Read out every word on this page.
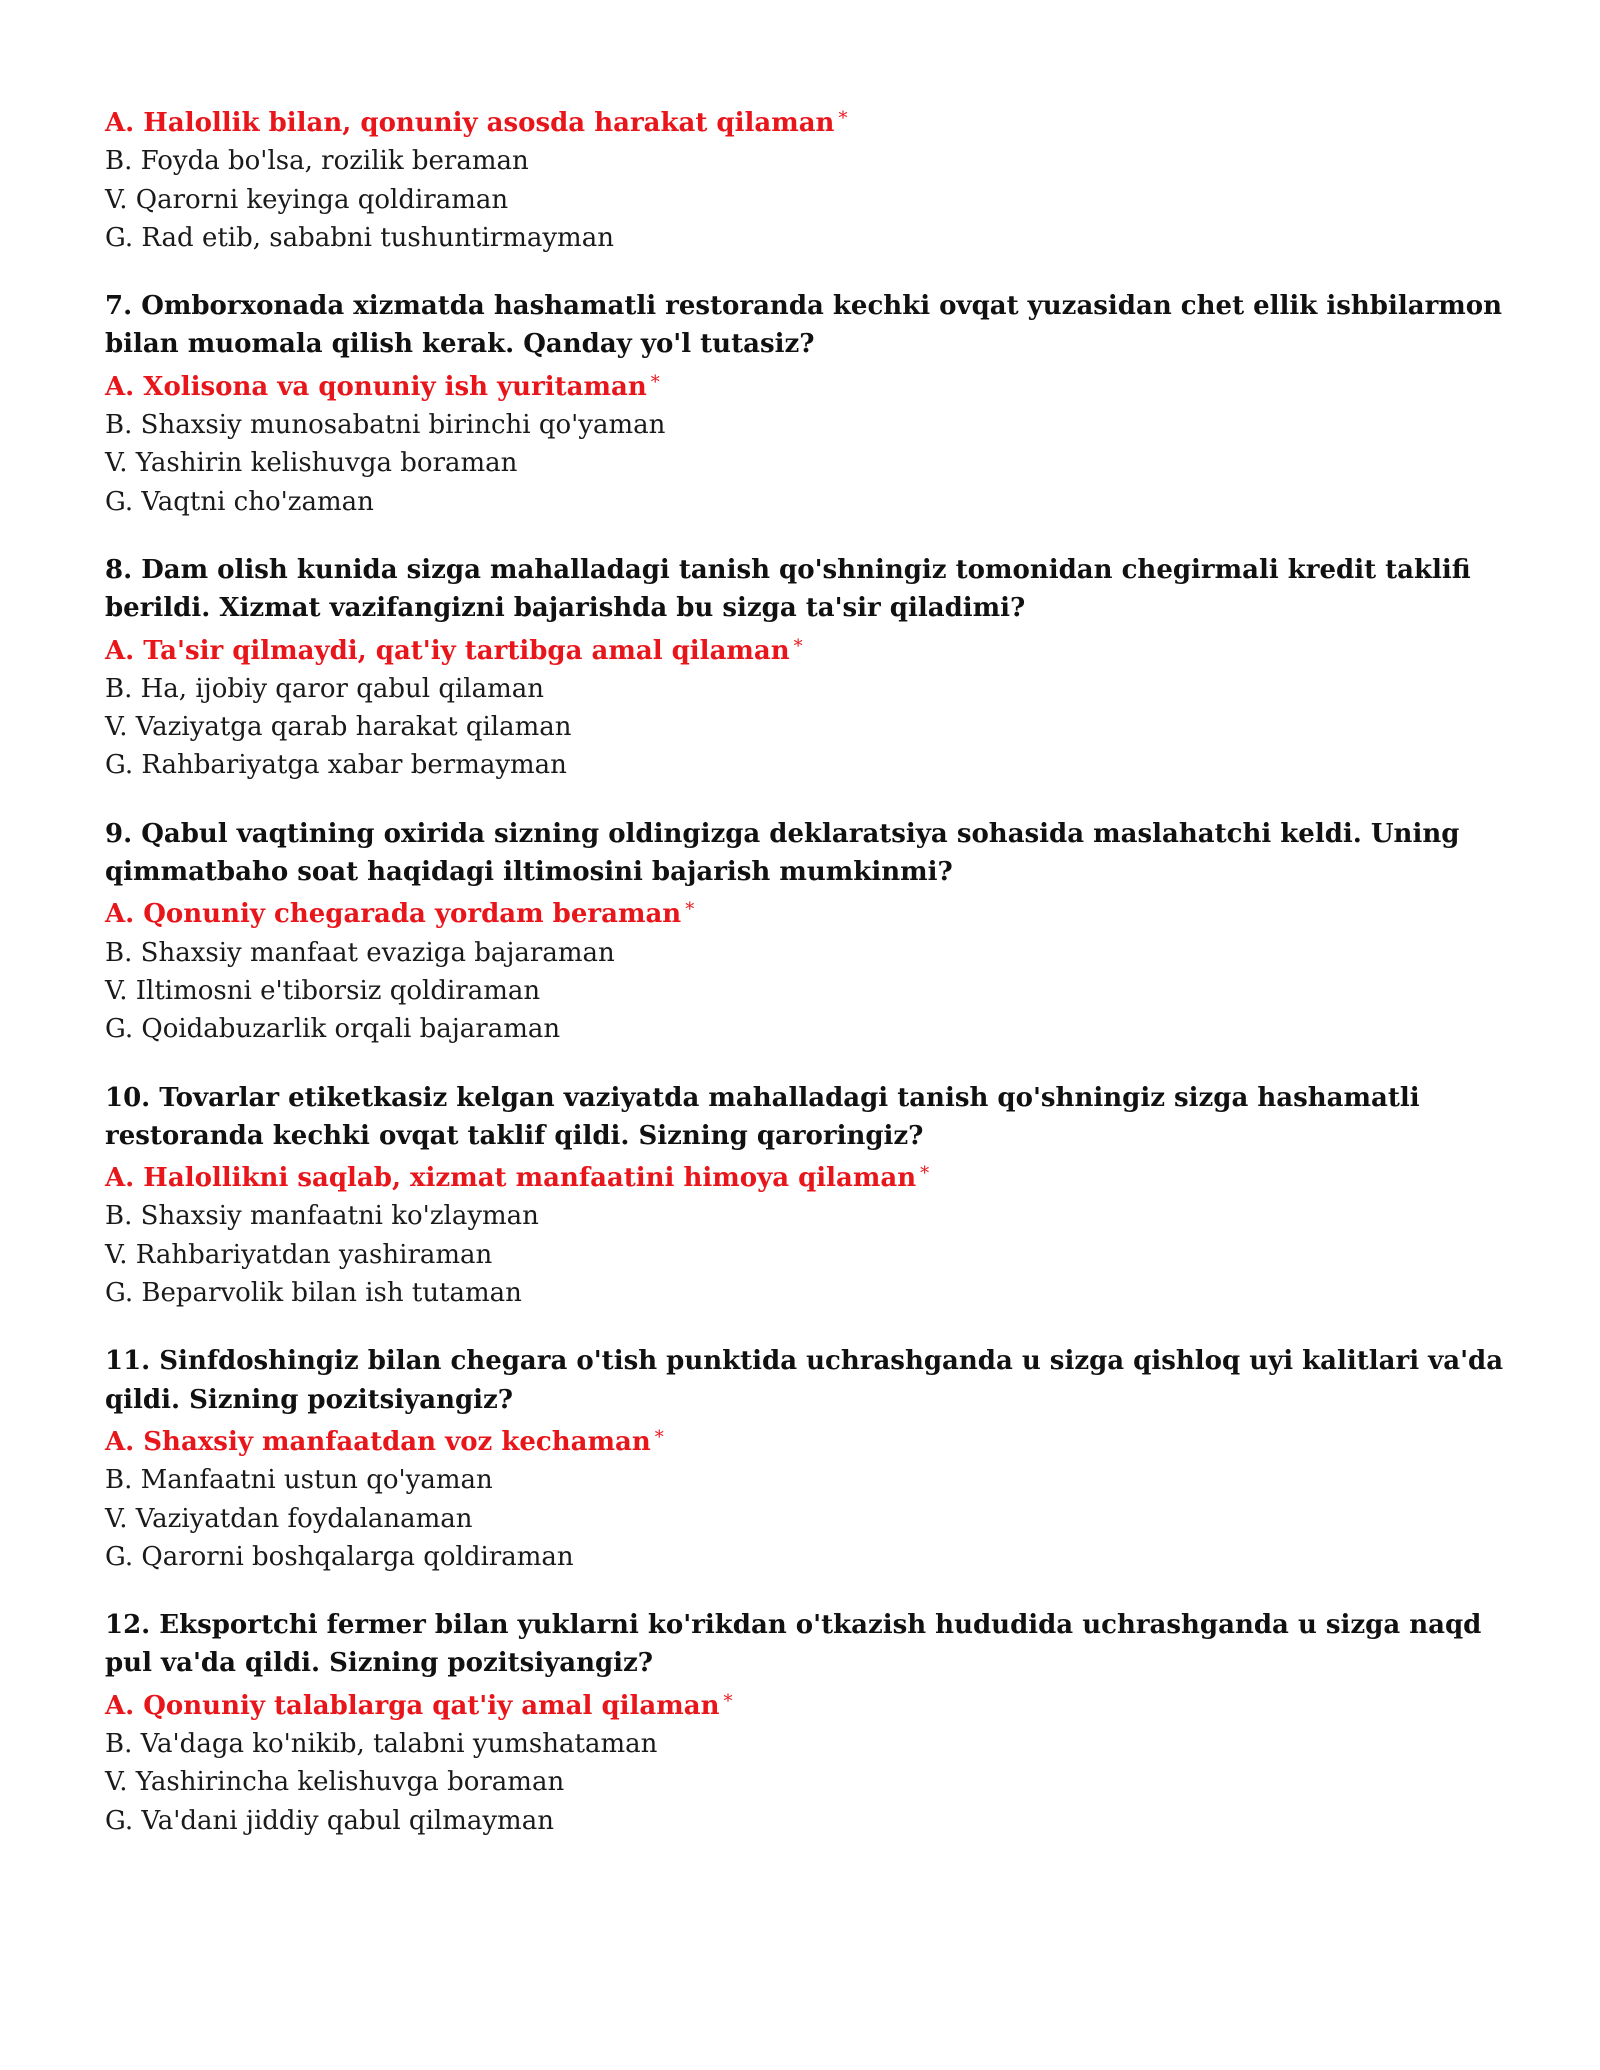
A. Halollik bilan, qonuniy asosda harakat qilaman *
B. Foyda bo'lsa, rozilik beraman
V. Qarorni keyinga qoldiraman
G. Rad etib, sababni tushuntirmayman
7. Omborxonada xizmatda hashamatli restoranda kechki ovqat yuzasidan chet ellik ishbilarmon bilan muomala qilish kerak. Qanday yo'l tutasiz?
A. Xolisona va qonuniy ish yuritaman *
B. Shaxsiy munosabatni birinchi qo'yaman
V. Yashirin kelishuvga boraman
G. Vaqtni cho'zaman
8. Dam olish kunida sizga mahalladagi tanish qo'shningiz tomonidan chegirmali kredit taklifi berildi. Xizmat vazifangizni bajarishda bu sizga ta'sir qiladimi?
A. Ta'sir qilmaydi, qat'iy tartibga amal qilaman *
B. Ha, ijobiy qaror qabul qilaman
V. Vaziyatga qarab harakat qilaman
G. Rahbariyatga xabar bermayman
9. Qabul vaqtining oxirida sizning oldingizga deklaratsiya sohasida maslahatchi keldi. Uning qimmatbaho soat haqidagi iltimosini bajarish mumkinmi?
A. Qonuniy chegarada yordam beraman *
B. Shaxsiy manfaat evaziga bajaraman
V. Iltimosni e'tiborsiz qoldiraman
G. Qoidabuzarlik orqali bajaraman
10. Tovarlar etiketkasiz kelgan vaziyatda mahalladagi tanish qo'shningiz sizga hashamatli restoranda kechki ovqat taklif qildi. Sizning qaroringiz?
A. Halollikni saqlab, xizmat manfaatini himoya qilaman *
B. Shaxsiy manfaatni ko'zlayman
V. Rahbariyatdan yashiraman
G. Beparvolik bilan ish tutaman
11. Sinfdoshingiz bilan chegara o'tish punktida uchrashganda u sizga qishloq uyi kalitlari va'da qildi. Sizning pozitsiyangiz?
A. Shaxsiy manfaatdan voz kechaman *
B. Manfaatni ustun qo'yaman
V. Vaziyatdan foydalanaman
G. Qarorni boshqalarga qoldiraman
12. Eksportchi fermer bilan yuklarni ko'rikdan o'tkazish hududida uchrashganda u sizga naqd pul va'da qildi. Sizning pozitsiyangiz?
A. Qonuniy talablarga qat'iy amal qilaman *
B. Va'daga ko'nikib, talabni yumshataman
V. Yashirincha kelishuvga boraman
G. Va'dani jiddiy qabul qilmayman
